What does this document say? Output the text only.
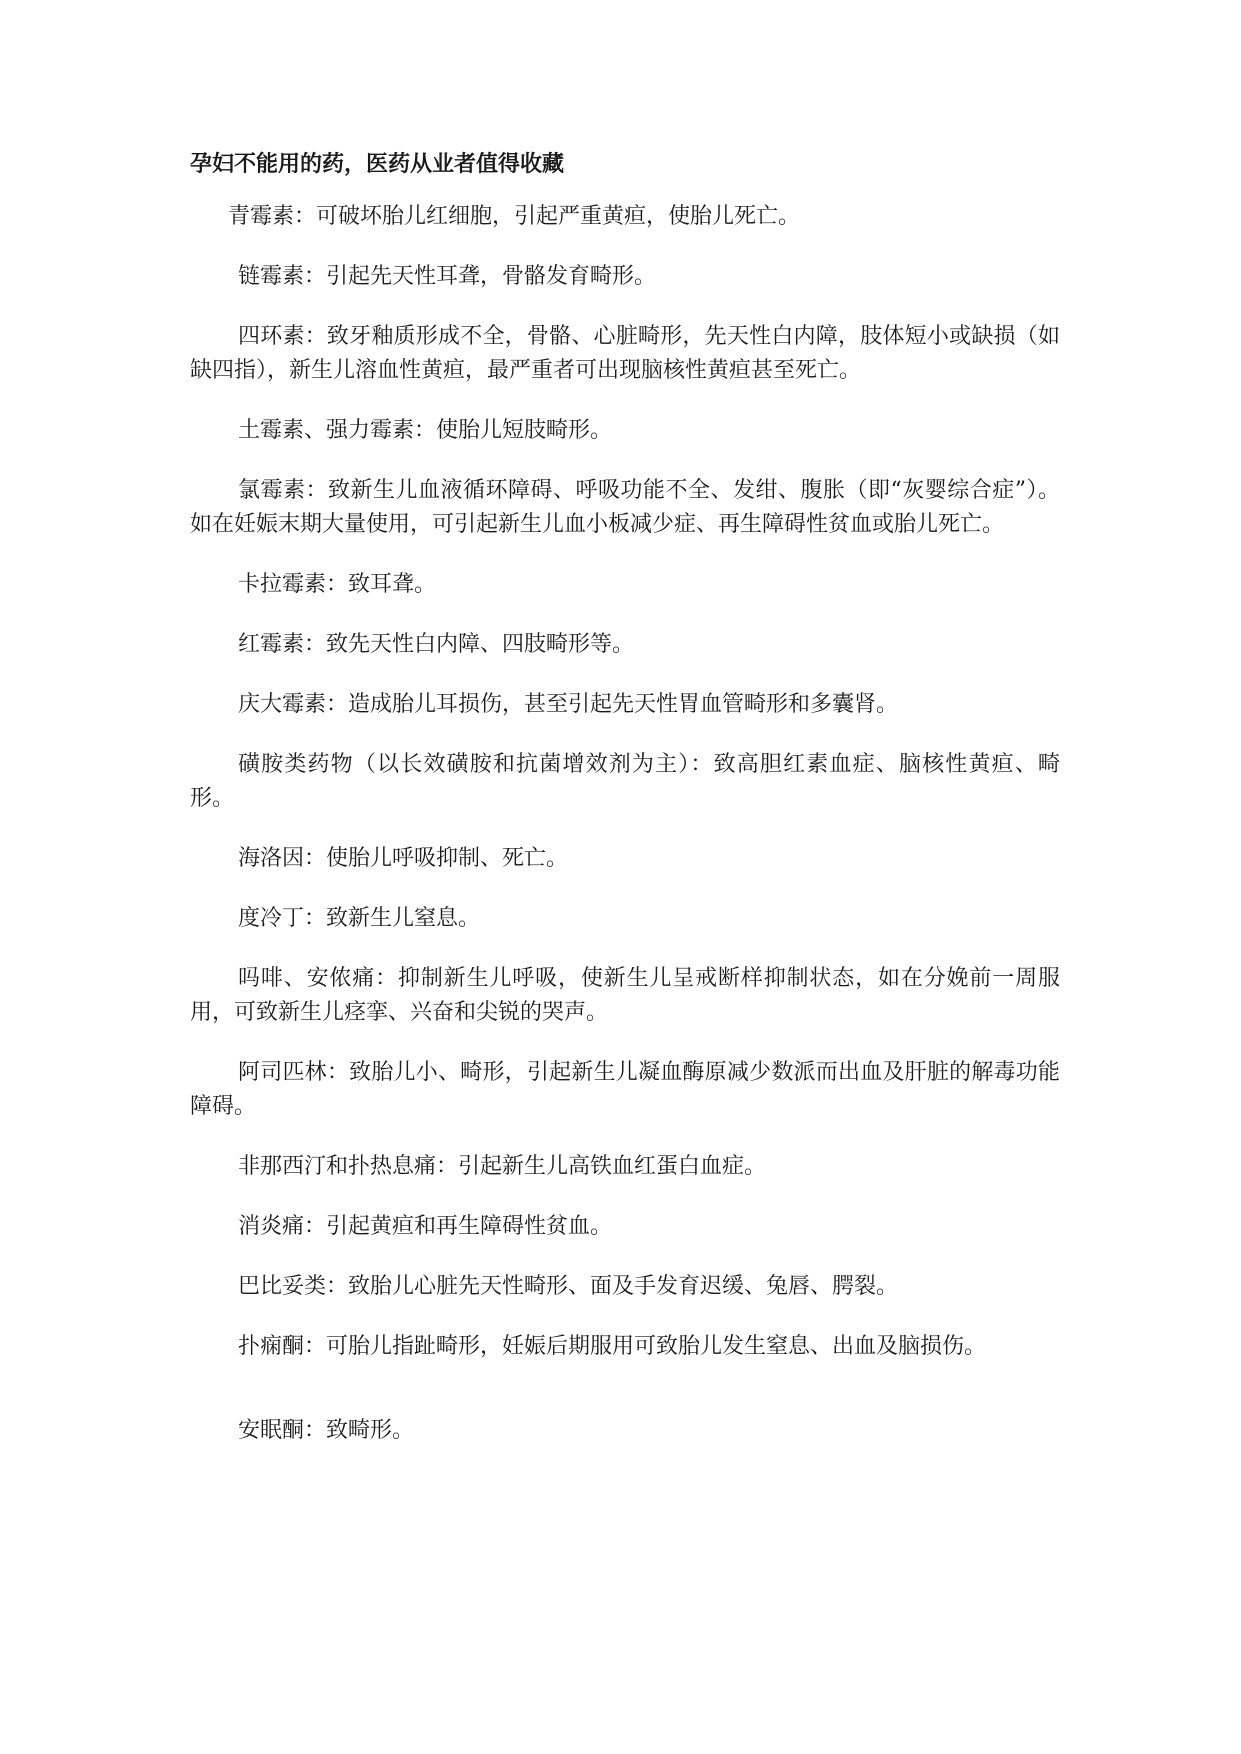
孕妇不能用的药，医药从业者值得收藏

青霉素：可破坏胎儿红细胞，引起严重黄疸，使胎儿死亡。

链霉素：引起先天性耳聋，骨骼发育畸形。

四环素：致牙釉质形成不全，骨骼、心脏畸形，先天性白内障，肢体短小或缺损（如缺四指），新生儿溶血性黄疸，最严重者可出现脑核性黄疸甚至死亡。

土霉素、强力霉素：使胎儿短肢畸形。

氯霉素：致新生儿血液循环障碍、呼吸功能不全、发绀、腹胀（即“灰婴综合症”）。如在妊娠末期大量使用，可引起新生儿血小板减少症、再生障碍性贫血或胎儿死亡。

卡拉霉素：致耳聋。

红霉素：致先天性白内障、四肢畸形等。

庆大霉素：造成胎儿耳损伤，甚至引起先天性胃血管畸形和多囊肾。

磺胺类药物（以长效磺胺和抗菌增效剂为主）：致高胆红素血症、脑核性黄疸、畸形。

海洛因：使胎儿呼吸抑制、死亡。

度冷丁：致新生儿窒息。

吗啡、安侬痛：抑制新生儿呼吸，使新生儿呈戒断样抑制状态，如在分娩前一周服用，可致新生儿痉挛、兴奋和尖锐的哭声。

阿司匹林：致胎儿小、畸形，引起新生儿凝血酶原减少数派而出血及肝脏的解毒功能障碍。

非那西汀和扑热息痛：引起新生儿高铁血红蛋白血症。

消炎痛：引起黄疸和再生障碍性贫血。

巴比妥类：致胎儿心脏先天性畸形、面及手发育迟缓、兔唇、腭裂。

扑痫酮：可胎儿指趾畸形，妊娠后期服用可致胎儿发生窒息、出血及脑损伤。

安眠酮：致畸形。
